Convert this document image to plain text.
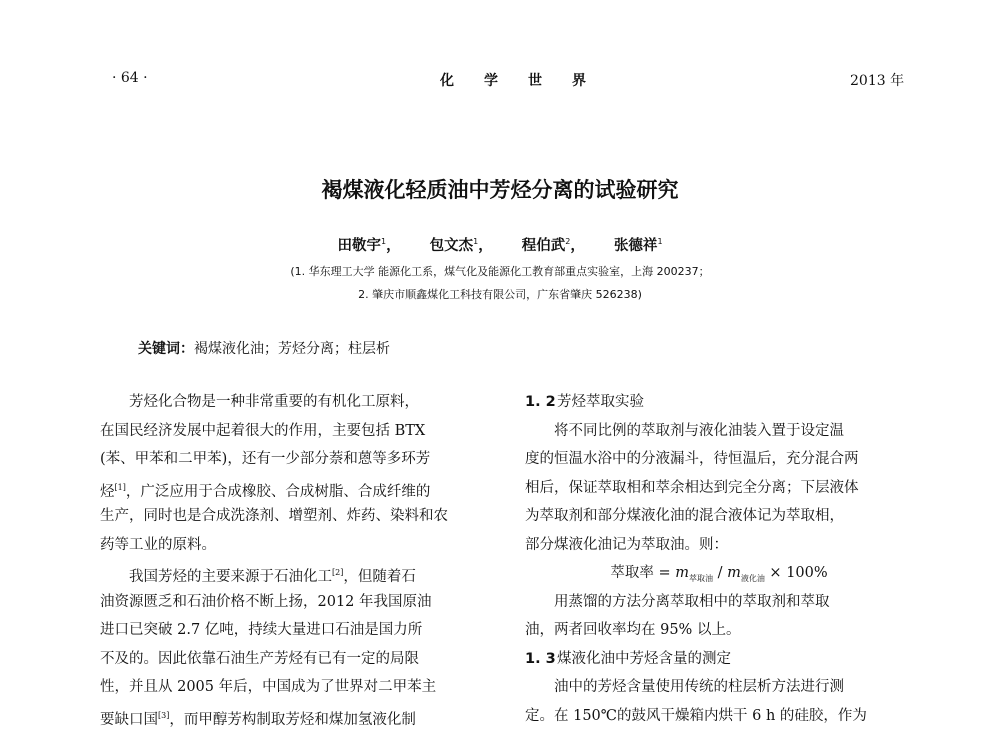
· 64 ·	化学世界	2013 年
褐煤液化轻质油中芳烃分离的试验研究
田敬宇$^1$， 包文杰$^1$， 程伯武$^2$， 张德祥$^1$
(1. 华东理工大学 能源化工系，煤气化及能源化工教育部重点实验室，上海 200237；
2. 肇庆市顺鑫煤化工科技有限公司，广东省肇庆 526238)
关键词：褐煤液化油；芳烃分离；柱层析
芳烃化合物是一种非常重要的有机化工原料，
在国民经济发展中起着很大的作用，主要包括 BTX
(苯、甲苯和二甲苯)，还有一少部分萘和蒽等多环芳
烃[1]，广泛应用于合成橡胶、合成树脂、合成纤维的
生产，同时也是合成洗涤剂、增塑剂、炸药、染料和农
药等工业的原料。
我国芳烃的主要来源于石油化工[2]，但随着石
油资源匮乏和石油价格不断上扬，2012 年我国原油
进口已突破 2.7 亿吨，持续大量进口石油是国力所
不及的。因此依靠石油生产芳烃有已有一定的局限
性，并且从 2005 年后，中国成为了世界对二甲苯主
要缺口国[3]，而甲醇芳构制取芳烃和煤加氢液化制
1. 2芳烃萃取实验
将不同比例的萃取剂与液化油装入置于设定温
度的恒温水浴中的分液漏斗，待恒温后，充分混合两
相后，保证萃取相和萃余相达到完全分离；下层液体
为萃取剂和部分煤液化油的混合液体记为萃取相，
部分煤液化油记为萃取油。则：
萃取率 = $m_{萃取油} / m_{液化油} \times 100\%$
用蒸馏的方法分离萃取相中的萃取剂和萃取
油，两者回收率均在 95% 以上。
1. 3煤液化油中芳烃含量的测定
油中的芳烃含量使用传统的柱层析方法进行测
定。在 150℃的鼓风干燥箱内烘干 6 h 的硅胶，作为
